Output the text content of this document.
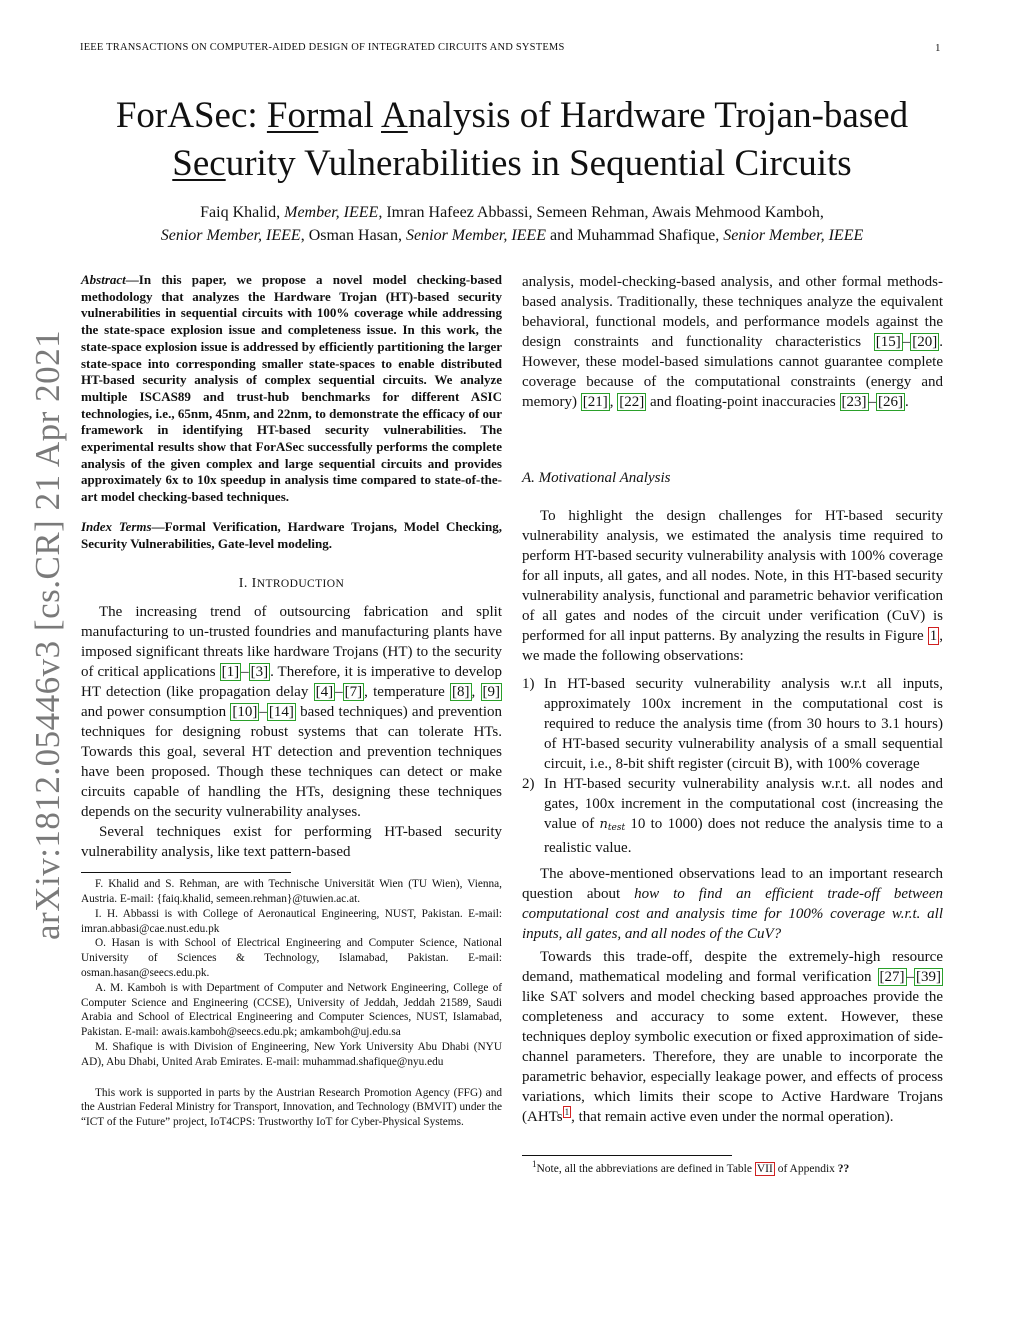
IEEE TRANSACTIONS ON COMPUTER-AIDED DESIGN OF INTEGRATED CIRCUITS AND SYSTEMS	1
ForASec: Formal Analysis of Hardware Trojan-based
Security Vulnerabilities in Sequential Circuits
Faiq Khalid, Member, IEEE, Imran Hafeez Abbassi, Semeen Rehman, Awais Mehmood Kamboh,
Senior Member, IEEE, Osman Hasan, Senior Member, IEEE and Muhammad Shafique, Senior Member, IEEE
arXiv:1812.05446v3 [cs.CR] 21 Apr 2021

Abstract—In this paper, we propose a novel model checking-based methodology that analyzes the Hardware Trojan (HT)-based security vulnerabilities in sequential circuits with 100% coverage while addressing the state-space explosion issue and completeness issue. In this work, the state-space explosion issue is addressed by efficiently partitioning the larger state-space into corresponding smaller state-spaces to enable distributed HT-based security analysis of complex sequential circuits. We analyze multiple ISCAS89 and trust-hub benchmarks for different ASIC technologies, i.e., 65nm, 45nm, and 22nm, to demonstrate the efficacy of our framework in identifying HT-based security vulnerabilities. The experimental results show that ForASec successfully performs the complete analysis of the given complex and large sequential circuits and provides approximately 6x to 10x speedup in analysis time compared to state-of-the-art model checking-based techniques.

Index Terms—Formal Verification, Hardware Trojans, Model Checking, Security Vulnerabilities, Gate-level modeling.

I. INTRODUCTION

The increasing trend of outsourcing fabrication and split manufacturing to un-trusted foundries and manufacturing plants have imposed significant threats like hardware Trojans (HT) to the security of critical applications [1] – [3] . Therefore, it is imperative to develop HT detection (like propagation delay [4] – [7] , temperature [8] , [9] and power consumption [10] – [14] based techniques) and prevention techniques for designing robust systems that can tolerate HTs. Towards this goal, several HT detection and prevention techniques have been proposed. Though these techniques can detect or make circuits capable of handling the HTs, designing these techniques depends on the security vulnerability analyses.

Several techniques exist for performing HT-based security vulnerability analysis, like text pattern-based

F. Khalid and S. Rehman, are with Technische Universität Wien (TU Wien), Vienna, Austria. E-mail: {faiq.khalid, semeen.rehman}@tuwien.ac.at.

I. H. Abbassi is with College of Aeronautical Engineering, NUST, Pakistan. E-mail: imran.abbasi@cae.nust.edu.pk

O. Hasan is with School of Electrical Engineering and Computer Science, National University of Sciences & Technology, Islamabad, Pakistan. E-mail: osman.hasan@seecs.edu.pk.

A. M. Kamboh is with Department of Computer and Network Engineering, College of Computer Science and Engineering (CCSE), University of Jeddah, Jeddah 21589, Saudi Arabia and School of Electrical Engineering and Computer Sciences, NUST, Islamabad, Pakistan. E-mail: awais.kamboh@seecs.edu.pk; amkamboh@uj.edu.sa

M. Shafique is with Division of Engineering, New York University Abu Dhabi (NYU AD), Abu Dhabi, United Arab Emirates. E-mail: muhammad.shafique@nyu.edu

This work is supported in parts by the Austrian Research Promotion Agency (FFG) and the Austrian Federal Ministry for Transport, Innovation, and Technology (BMVIT) under the “ICT of the Future” project, IoT4CPS: Trustworthy IoT for Cyber-Physical Systems.

analysis, model-checking-based analysis, and other formal methods-based analysis. Traditionally, these techniques analyze the equivalent behavioral, functional models, and performance models against the design constraints and functionality characteristics [15] – [20] . However, these model-based simulations cannot guarantee complete coverage because of the computational constraints (energy and memory) [21] , [22] and floating-point inaccuracies [23] – [26] .

A. Motivational Analysis

To highlight the design challenges for HT-based security vulnerability analysis, we estimated the analysis time required to perform HT-based security vulnerability analysis with 100% coverage for all inputs, all gates, and all nodes. Note, in this HT-based security vulnerability analysis, functional and parametric behavior verification of all gates and nodes of the circuit under verification (CuV) is performed for all input patterns. By analyzing the results in Figure 1 , we made the following observations:

1) In HT-based security vulnerability analysis w.r.t all inputs, approximately 100x increment in the computational cost is required to reduce the analysis time (from 30 hours to 3.1 hours) of HT-based security vulnerability analysis of a small sequential circuit, i.e., 8-bit shift register (circuit B), with 100% coverage
2) In HT-based security vulnerability analysis w.r.t. all nodes and gates, 100x increment in the computational cost (increasing the value of $n_{test}$ 10 to 1000) does not reduce the analysis time to a realistic value.

The above-mentioned observations lead to an important research question about how to find an efficient trade-off between computational cost and analysis time for 100% coverage w.r.t. all inputs, all gates, and all nodes of the CuV?

Towards this trade-off, despite the extremely-high resource demand, mathematical modeling and formal verification [27] – [39] like SAT solvers and model checking based approaches provide the completeness and accuracy to some extent. However, these techniques deploy symbolic execution or fixed approximation of side-channel parameters. Therefore, they are unable to incorporate the parametric behavior, especially leakage power, and effects of process variations, which limits their scope to Active Hardware Trojans (AHTs $^1$ , that remain active even under the normal operation).

$^1$Note, all the abbreviations are defined in Table VII of Appendix ??
